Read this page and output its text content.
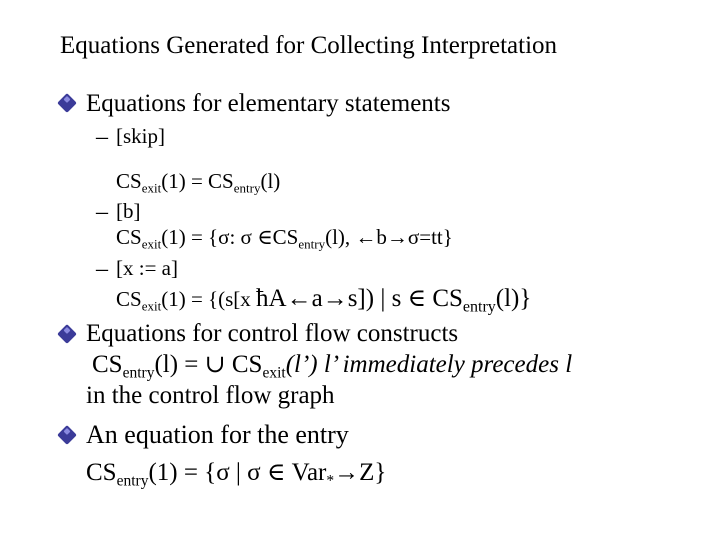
Equations Generated for Collecting Interpretation
Equations for elementary statements
– [skip]
$CS_{exit}(1) = CS_{entry}(l)$
– [b]
$CS_{exit}(1) = \{\sigma$: σ $\in CS_{entry}(l)$, ←b→σ=tt}
– [x := a]
$CS_{exit}(1) = \{(s[x$ ħA←a→s]) | s ∈ $CS_{entry}(l)$}
Equations for control flow constructs
$CS_{entry}(l)$ = ∪ $CS_{exit}(l’)$ l’ immediately precedes l
in the control flow graph
An equation for the entry
$CS_{entry}(1) = \{\sigma$ | σ ∈ Var$_*$→Z}
